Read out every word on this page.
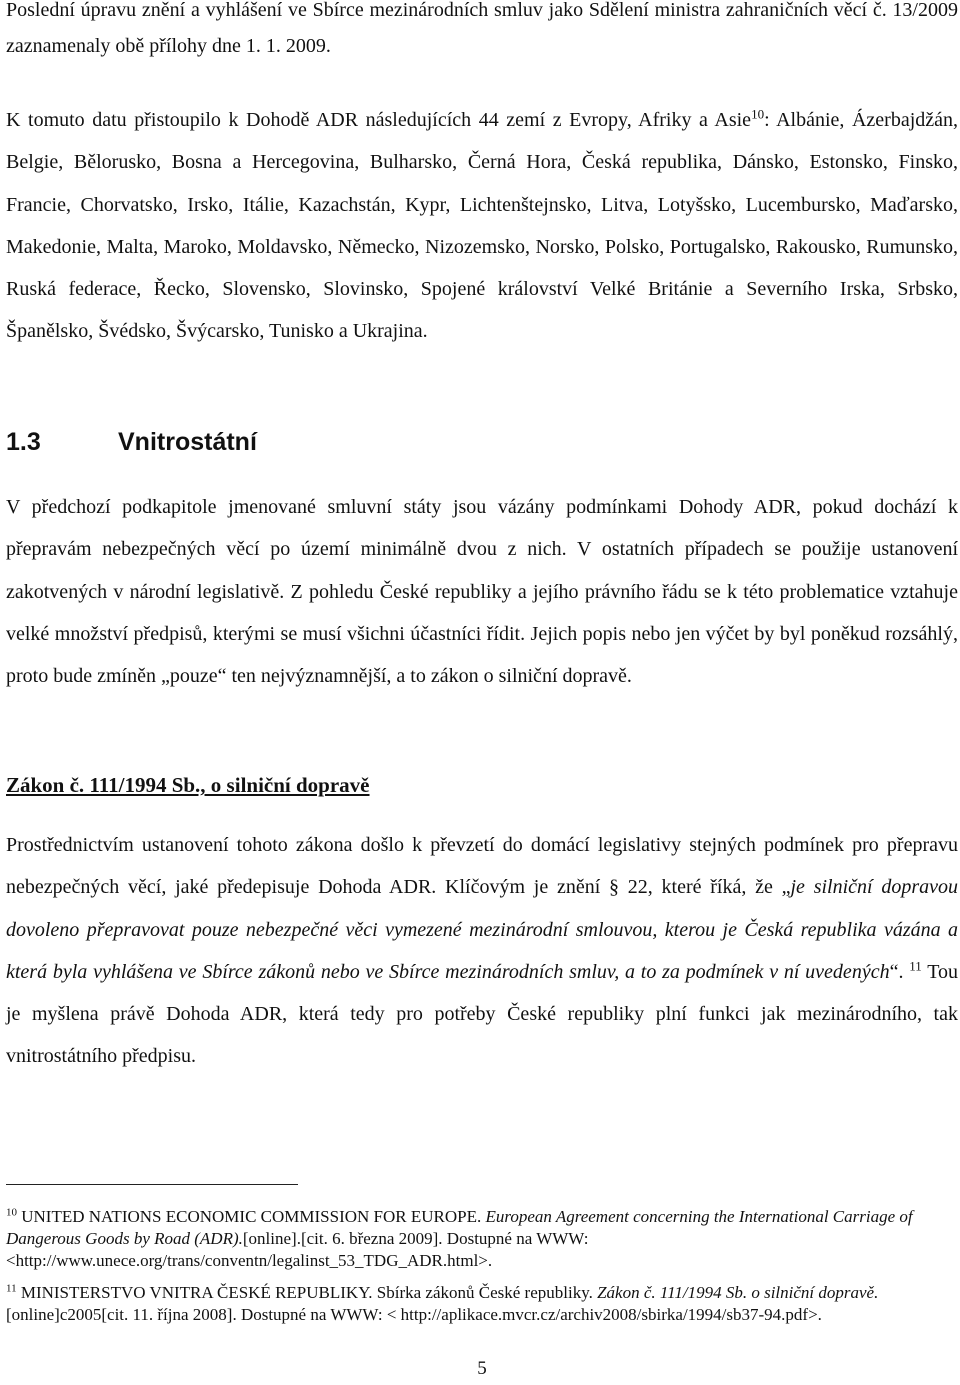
Poslední úpravu znění a vyhlášení ve Sbírce mezinárodních smluv jako Sdělení ministra zahraničních věcí č. 13/2009 zaznamenaly obě přílohy dne 1. 1. 2009.

K tomuto datu přistoupilo k Dohodě ADR následujících 44 zemí z Evropy, Afriky a Asie$^{10}$: Albánie, Ázerbajdžán, Belgie, Bělorusko, Bosna a Hercegovina, Bulharsko, Černá Hora, Česká republika, Dánsko, Estonsko, Finsko, Francie, Chorvatsko, Irsko, Itálie, Kazachstán, Kypr, Lichtenštejnsko, Litva, Lotyšsko, Lucembursko, Maďarsko, Makedonie, Malta, Maroko, Moldavsko, Německo, Nizozemsko, Norsko, Polsko, Portugalsko, Rakousko, Rumunsko, Ruská federace, Řecko, Slovensko, Slovinsko, Spojené království Velké Británie a Severního Irska, Srbsko, Španělsko, Švédsko, Švýcarsko, Tunisko a Ukrajina.

1.3	Vnitrostátní

V předchozí podkapitole jmenované smluvní státy jsou vázány podmínkami Dohody ADR, pokud dochází k přepravám nebezpečných věcí po území minimálně dvou z nich. V ostatních případech se použije ustanovení zakotvených v národní legislativě. Z pohledu České republiky a jejího právního řádu se k této problematice vztahuje velké množství předpisů, kterými se musí všichni účastníci řídit. Jejich popis nebo jen výčet by byl poněkud rozsáhlý, proto bude zmíněn „pouze“ ten nejvýznamnější, a to zákon o silniční dopravě.

Zákon č. 111/1994 Sb., o silniční dopravě

Prostřednictvím ustanovení tohoto zákona došlo k převzetí do domácí legislativy stejných podmínek pro přepravu nebezpečných věcí, jaké předepisuje Dohoda ADR. Klíčovým je znění § 22, které říká, že „je silniční dopravou dovoleno přepravovat pouze nebezpečné věci vymezené mezinárodní smlouvou, kterou je Česká republika vázána a která byla vyhlášena ve Sbírce zákonů nebo ve Sbírce mezinárodních smluv, a to za podmínek v ní uvedených“. $^{11}$ Tou je myšlena právě Dohoda ADR, která tedy pro potřeby České republiky plní funkci jak mezinárodního, tak vnitrostátního předpisu.

$^{10}$ UNITED NATIONS ECONOMIC COMMISSION FOR EUROPE. European Agreement concerning the International Carriage of Dangerous Goods by Road (ADR).[online].[cit. 6. března 2009]. Dostupné na WWW: <http://www.unece.org/trans/conventn/legalinst_53_TDG_ADR.html>.

$^{11}$ MINISTERSTVO VNITRA ČESKÉ REPUBLIKY. Sbírka zákonů České republiky. Zákon č. 111/1994 Sb. o silniční dopravě.[online]c2005[cit. 11. října 2008]. Dostupné na WWW: < http://aplikace.mvcr.cz/archiv2008/sbirka/1994/sb37-94.pdf>.

5
